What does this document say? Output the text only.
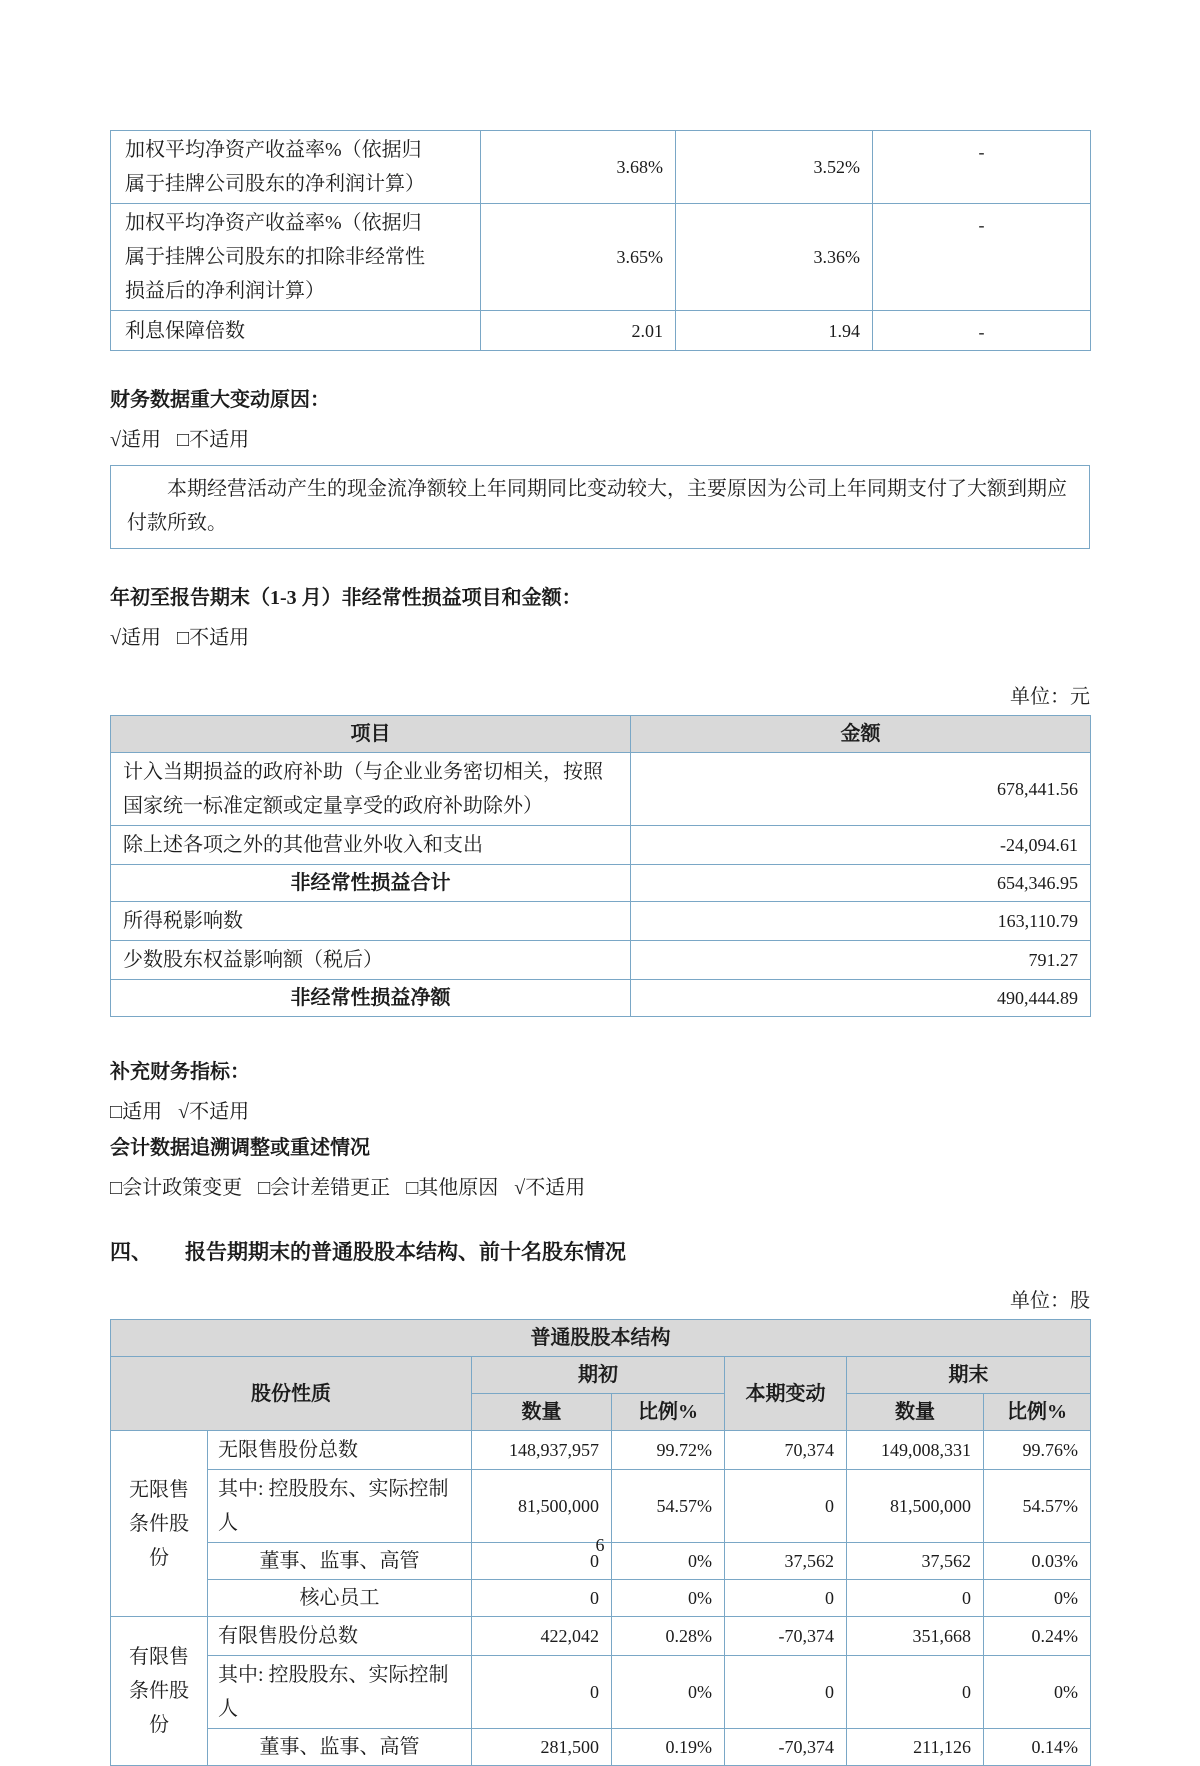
加权平均净资产收益率%（依据归属于挂牌公司股东的净利润计算）	3.68%	3.52%	-
加权平均净资产收益率%（依据归属于挂牌公司股东的扣除非经常性损益后的净利润计算）	3.65%	3.36%	-
利息保障倍数	2.01	1.94	-
财务数据重大变动原因：
√适用 □不适用

本期经营活动产生的现金流净额较上年同期同比变动较大，主要原因为公司上年同期支付了大额到期应付款所致。

年初至报告期末（1-3 月）非经常性损益项目和金额：
√适用 □不适用
单位：元
项目	金额
计入当期损益的政府补助（与企业业务密切相关，按照国家统一标准定额或定量享受的政府补助除外）	678,441.56
除上述各项之外的其他营业外收入和支出	-24,094.61
非经常性损益合计	654,346.95
所得税影响数	163,110.79
少数股东权益影响额（税后）	791.27
非经常性损益净额	490,444.89
补充财务指标：
□适用 √不适用
会计数据追溯调整或重述情况
□会计政策变更 □会计差错更正 □其他原因 √不适用
四、	报告期期末的普通股股本结构、前十名股东情况
单位：股
普通股股本结构						
股份性质		期初		本期变动	期末	
		数量	比例%		数量	比例%
无限售条件股份	无限售股份总数	148,937,957	99.72%	70,374	149,008,331	99.76%
	其中: 控股股东、实际控制人	81,500,000	54.57%	0	81,500,000	54.57%
	董事、监事、高管	0	0%	37,562	37,562	0.03%
	核心员工	0	0%	0	0	0%
有限售条件股份	有限售股份总数	422,042	0.28%	-70,374	351,668	0.24%
	其中: 控股股东、实际控制人	0	0%	0	0	0%
	董事、监事、高管	281,500	0.19%	-70,374	211,126	0.14%
6
